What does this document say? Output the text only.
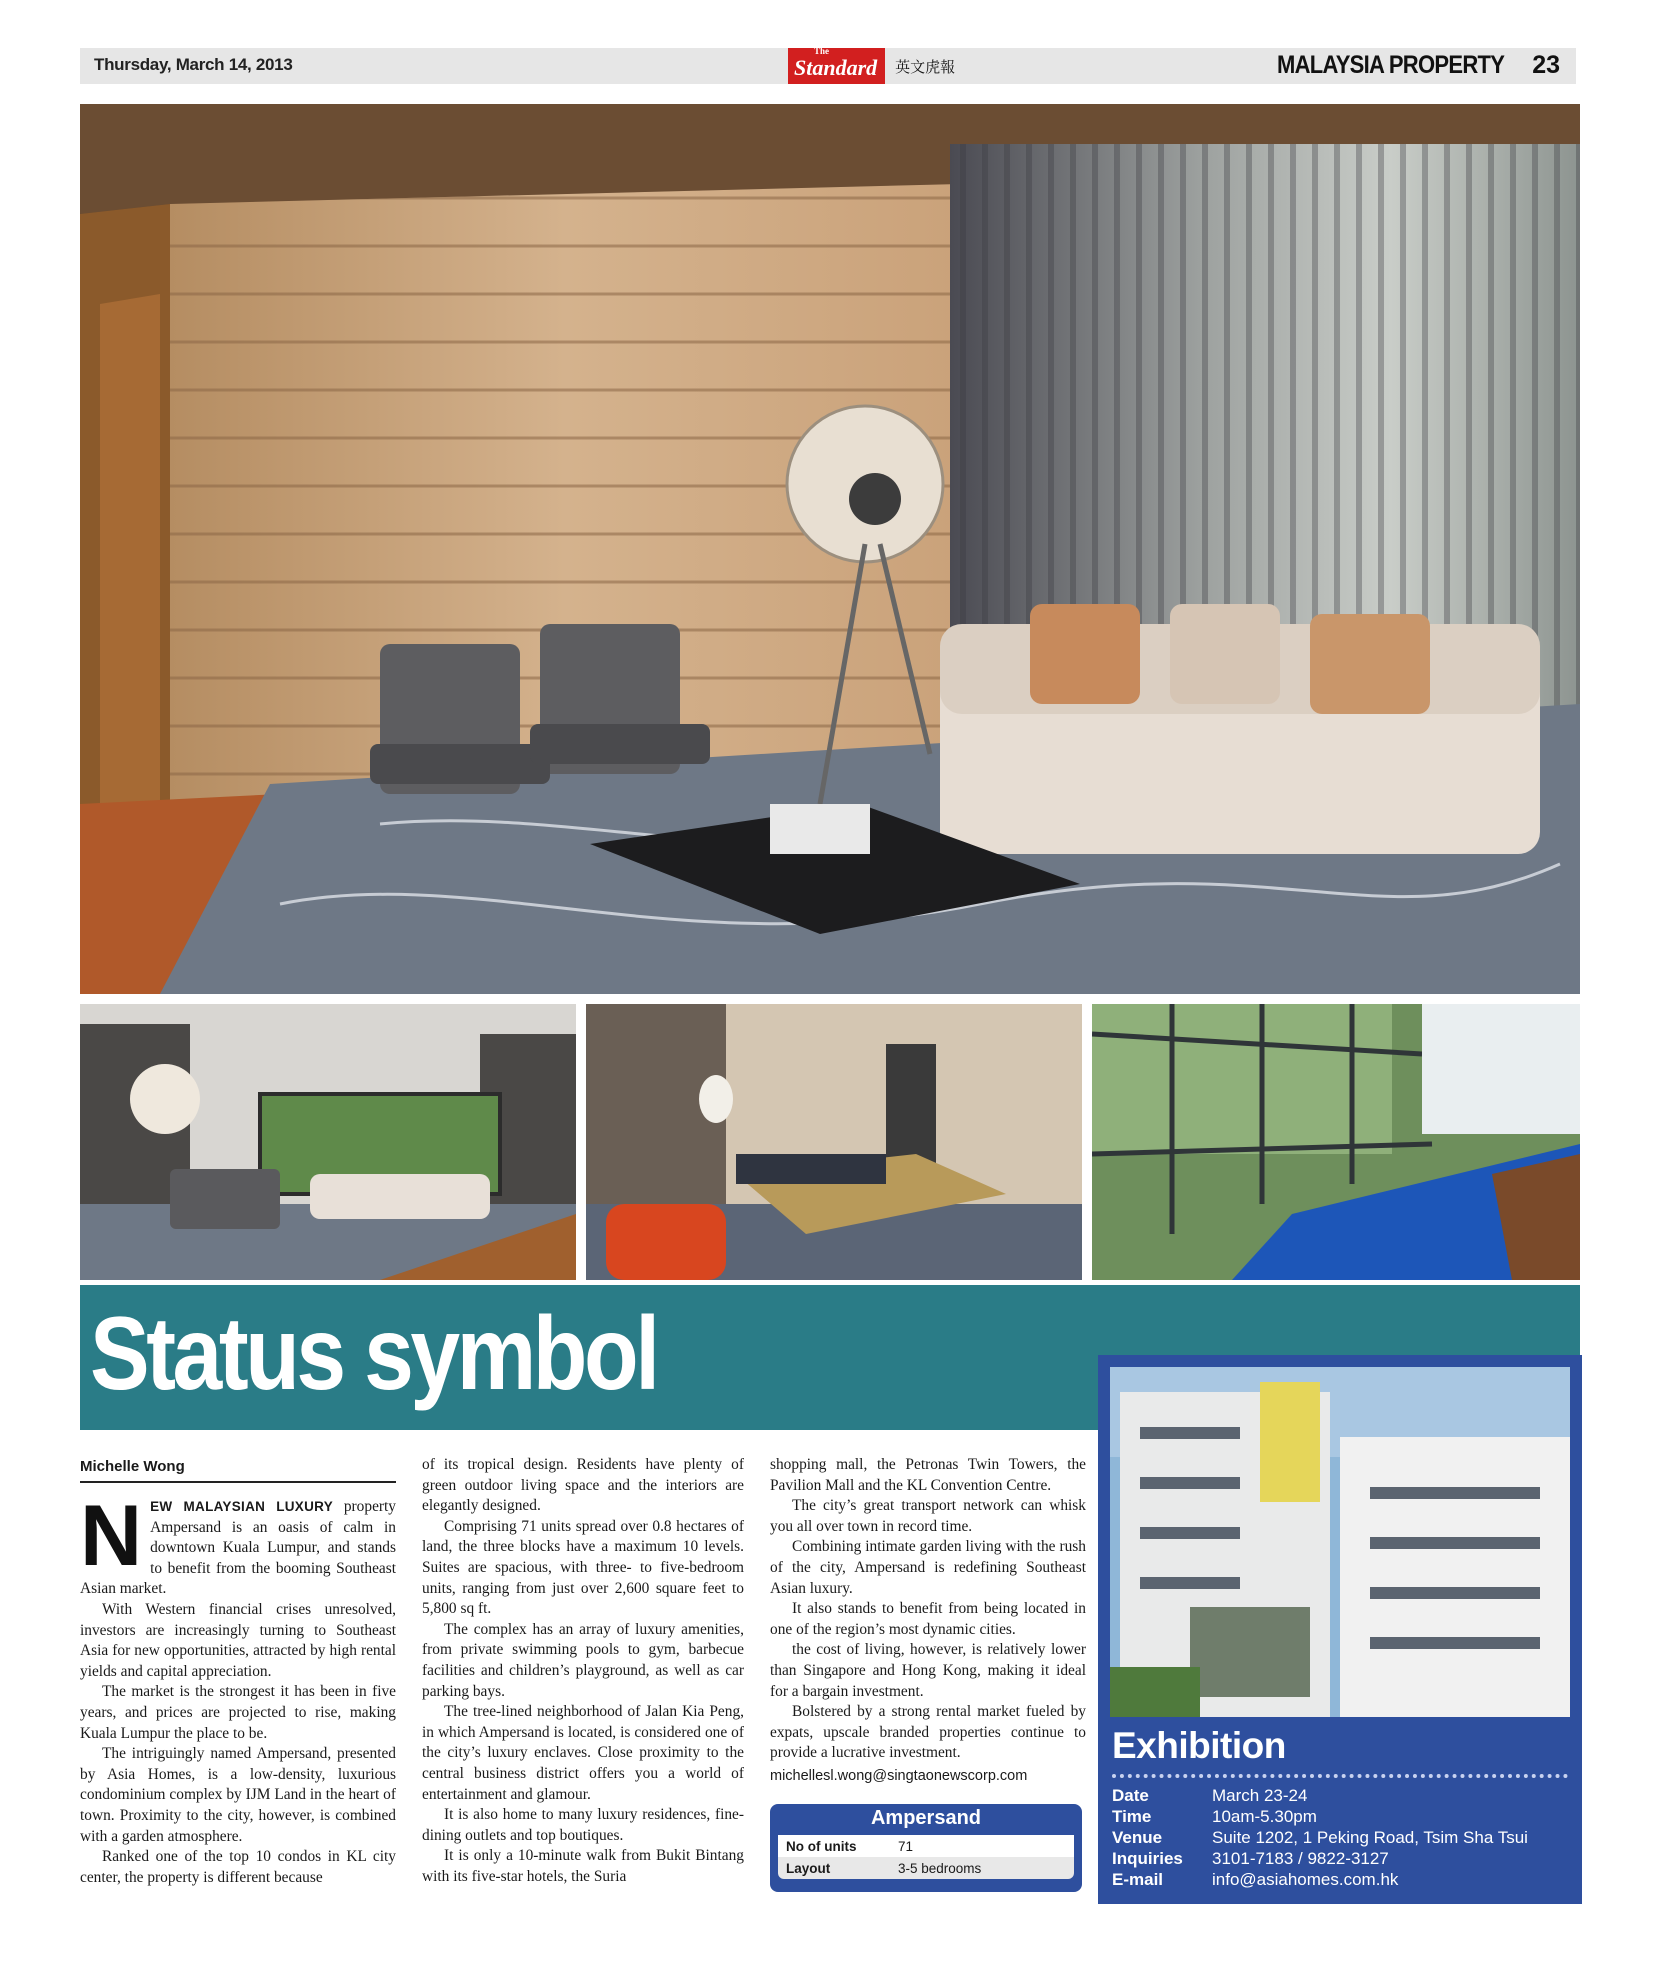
Thursday, March 14, 2013
The
Standard	英文虎報	MALAYSIA PROPERTY 23
Status symbol
Michelle Wong

NEW MALAYSIAN LUXURY property Ampersand is an oasis of calm in downtown Kuala Lumpur, and stands to benefit from the booming Southeast Asian market.

With Western financial crises unresolved, investors are increasingly turning to Southeast Asia for new opportunities, attracted by high rental yields and capital appreciation.

The market is the strongest it has been in five years, and prices are projected to rise, making Kuala Lumpur the place to be.

The intriguingly named Ampersand, presented by Asia Homes, is a low-density, luxurious condominium complex by IJM Land in the heart of town. Proximity to the city, however, is combined with a garden atmosphere.

Ranked one of the top 10 condos in KL city center, the property is different because

of its tropical design. Residents have plenty of green outdoor living space and the interiors are elegantly designed.

Comprising 71 units spread over 0.8 hectares of land, the three blocks have a maximum 10 levels. Suites are spacious, with three- to five-bedroom units, ranging from just over 2,600 square feet to 5,800 sq ft.

The complex has an array of luxury amenities, from private swimming pools to gym, barbecue facilities and children’s playground, as well as car parking bays.

The tree-lined neighborhood of Jalan Kia Peng, in which Ampersand is located, is considered one of the city’s luxury enclaves. Close proximity to the central business district offers you a world of entertainment and glamour.

It is also home to many luxury residences, fine-dining outlets and top boutiques.

It is only a 10-minute walk from Bukit Bintang with its five-star hotels, the Suria

shopping mall, the Petronas Twin Towers, the Pavilion Mall and the KL Convention Centre.

The city’s great transport network can whisk you all over town in record time.

Combining intimate garden living with the rush of the city, Ampersand is redefining Southeast Asian luxury.

It also stands to benefit from being located in one of the region’s most dynamic cities.

the cost of living, however, is relatively lower than Singapore and Hong Kong, making it ideal for a bargain investment.

Bolstered by a strong rental market fueled by expats, upscale branded properties continue to provide a lucrative investment.

michellesl.wong@singtaonewscorp.com

Ampersand
No of units	71
Layout	3-5 bedrooms
Exhibition
Date	March 23-24
Time	10am-5.30pm
Venue	Suite 1202, 1 Peking Road, Tsim Sha Tsui
Inquiries	3101-7183 / 9822-3127
E-mail	info@asiahomes.com.hk
